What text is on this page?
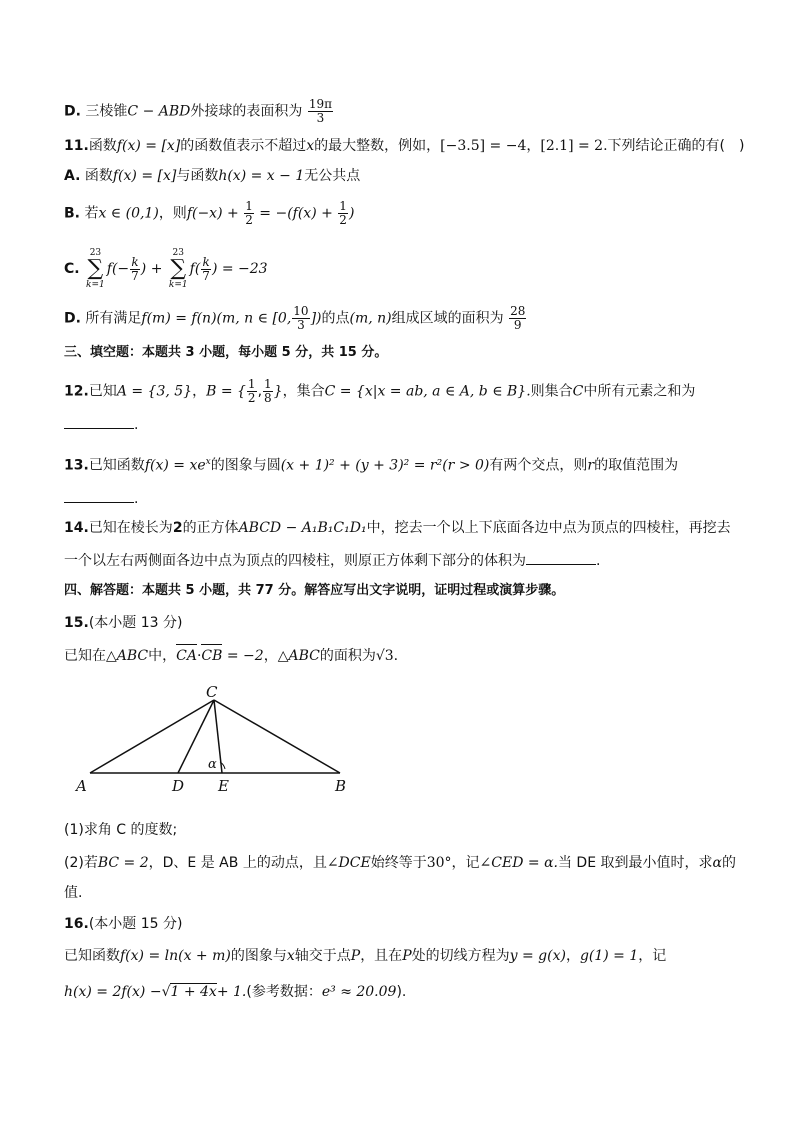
D. 三棱锥C − ABD外接球的表面积为 $\frac{19\pi}{3}$
11.函数f(x) = [x]的函数值表示不超过x的最大整数，例如，[−3.5] = −4，[2.1] = 2.下列结论正确的有(　)
A. 函数f(x) = [x]与函数h(x) = x − 1无公共点
B. 若x ∈ (0,1)，则$f(-x) + \frac{1}{2} = -(f(x) + \frac{1}{2}$ )
C.
23
∑
k=1
$f(- \frac{k}{7}$ ) +
23
∑
k=1
$f( \frac{k}{7}$ ) = −23
D. 所有满足f(m) = f(n)(m, n ∈ [0, $\frac{10}{3}$ ])的点(m, n)组成区域的面积为 $\frac{28}{9}$
三、填空题：本题共 3 小题，每小题 5 分，共 15 分。
12.已知A = {3, 5}，B = { $\frac{1}{2}$ , $\frac{1}{8}$ }，集合C = {x|x = ab, a ∈ A, b ∈ B}.则集合C中所有元素之和为
.
13.已知函数$f(x) = xe^x$的图象与圆(x + 1)² + (y + 3)² = r²(r > 0)有两个交点，则r的取值范围为
.
14.已知在棱长为2的正方体ABCD − A₁B₁C₁D₁中，挖去一个以上下底面各边中点为顶点的四棱柱，再挖去
一个以左右两侧面各边中点为顶点的四棱柱，则原正方体剩下部分的体积为	.
四、解答题：本题共 5 小题，共 77 分。解答应写出文字说明，证明过程或演算步骤。
15.(本小题 13 分)
已知在△ABC中，CA·CB = −2，△ABC的面积为√3.
C
A	D E	B
α
(1)求角 C 的度数;
(2)若BC = 2，D、E 是 AB 上的动点，且∠DCE始终等于30°，记∠CED = α.当 DE 取到最小值时，求α的
值.
16.(本小题 15 分)
已知函数f(x) = ln(x + m)的图象与x轴交于点P，且在P处的切线方程为y = g(x)，g(1) = 1，记
h(x) = 2f(x) −√1 + 4x+ 1.(参考数据：e³ ≈ 20.09).
